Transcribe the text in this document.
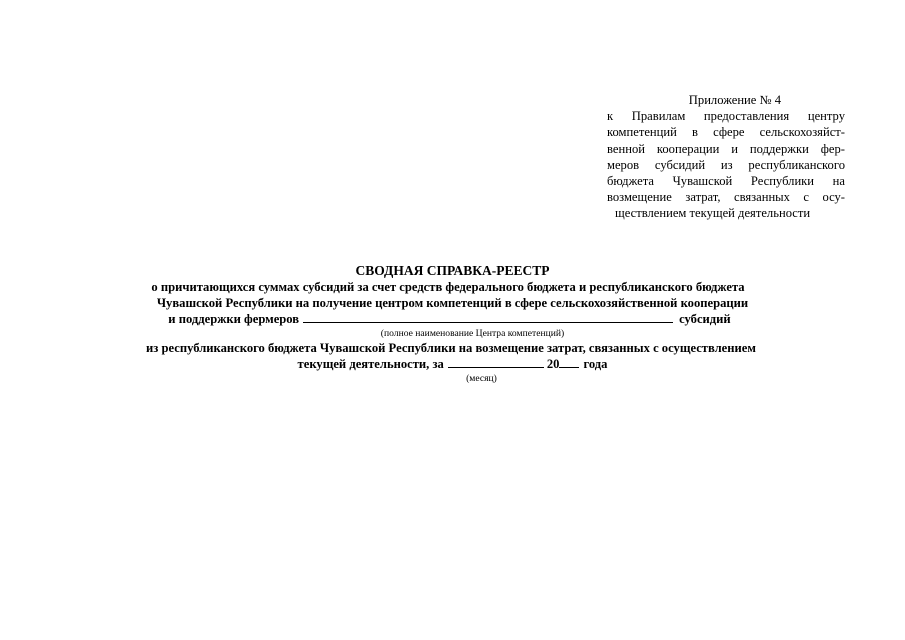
Приложение № 4
к Правилам предоставления центру
компетенций в сфере сельскохозяйст-
венной кооперации и поддержки фер-
меров субсидий из республиканского
бюджета Чувашской Республики на
возмещение затрат, связанных с осу-
ществлением текущей деятельности
СВОДНАЯ СПРАВКА-РЕЕСТР
о причитающихся суммах субсидий за счет средств федерального бюджета и республиканского бюджета
Чувашской Республики на получение центром компетенций в сфере сельскохозяйственной кооперации
и поддержки фермеров	субсидий
(полное наименование Центра компетенций)
из республиканского бюджета Чувашской Республики на возмещение затрат, связанных с осуществлением
текущей деятельности, за	20 года
(месяц)
